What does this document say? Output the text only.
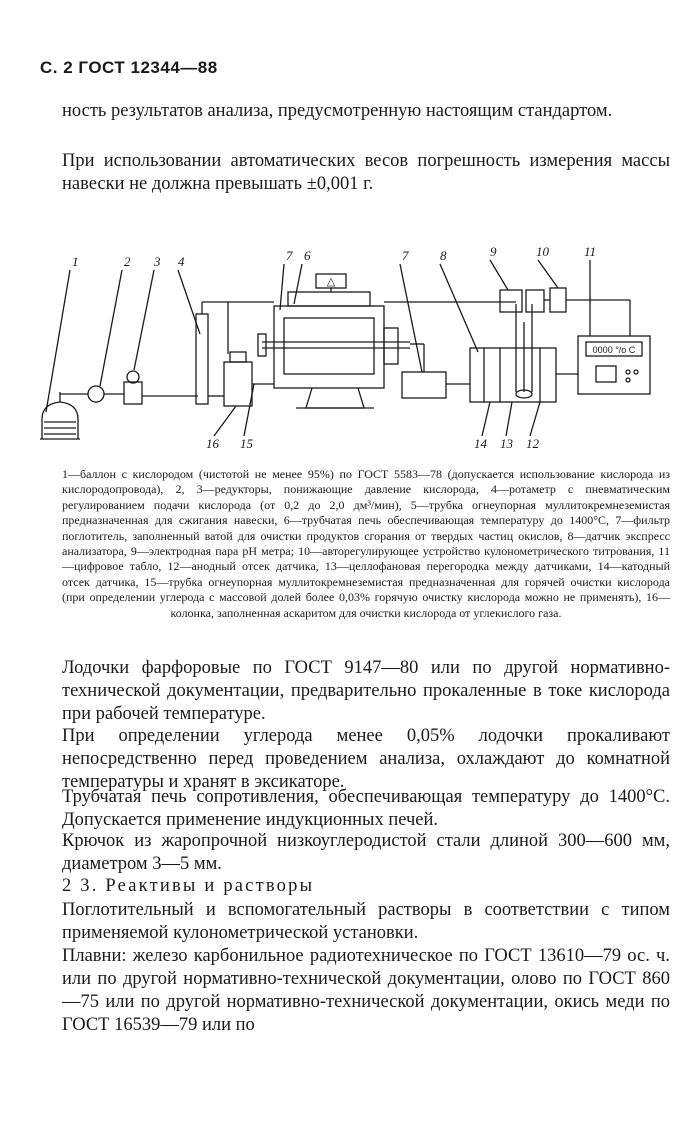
С. 2 ГОСТ 12344—88

ность результатов анализа, предусмотренную настоящим стандартом.

При использовании автоматических весов погрешность измерения массы навески не должна превышать ±0,001 г.

△
0000 °/о С
1	2 3 4	7 6	7 8	9	10	11
16 15	14 13 12

1—баллон с кислородом (чистотой не менее 95%) по ГОСТ 5583—78 (допускается использование кислорода из кислородопровода), 2, 3—редукторы, понижающие давление кислорода, 4—ротаметр с пневматическим регулированием подачи кислорода (от 0,2 до 2,0 дм³/мин), 5—трубка огнеупорная муллитокремнеземистая предназначенная для сжигания навески, 6—трубчатая печь обеспечивающая температуру до 1400°С, 7—фильтр поглотитель, заполненный ватой для очистки продуктов сгорания от твердых частиц окислов, 8—датчик экспресс анализатора, 9—электродная пара pH метра; 10—авторегулирующее устройство кулонометрического титрования, 11—цифровое табло, 12—анодный отсек датчика, 13—целлофановая перегородка между датчиками, 14—катодный отсек датчика, 15—трубка огнеупорная муллитокремнеземистая предназначенная для горячей очистки кислорода (при определении углерода с массовой долей более 0,03% горячую очистку кислорода можно не применять), 16—колонка, заполненная аскаритом для очистки кислорода от углекислого газа.

Лодочки фарфоровые по ГОСТ 9147—80 или по другой нормативно-технической документации, предварительно прокаленные в токе кислорода при рабочей температуре.

При определении углерода менее 0,05% лодочки прокаливают непосредственно перед проведением анализа, охлаждают до комнатной температуры и хранят в эксикаторе.

Трубчатая печь сопротивления, обеспечивающая температуру до 1400°С. Допускается применение индукционных печей.

Крючок из жаропрочной низкоуглеродистой стали длиной 300—600 мм, диаметром 3—5 мм.

2 3. Реактивы и растворы

Поглотительный и вспомогательный растворы в соответствии с типом применяемой кулонометрической установки.

Плавни: железо карбонильное радиотехническое по ГОСТ 13610—79 ос. ч. или по другой нормативно-технической документации, олово по ГОСТ 860—75 или по другой нормативно-технической документации, окись меди по ГОСТ 16539—79 или по
